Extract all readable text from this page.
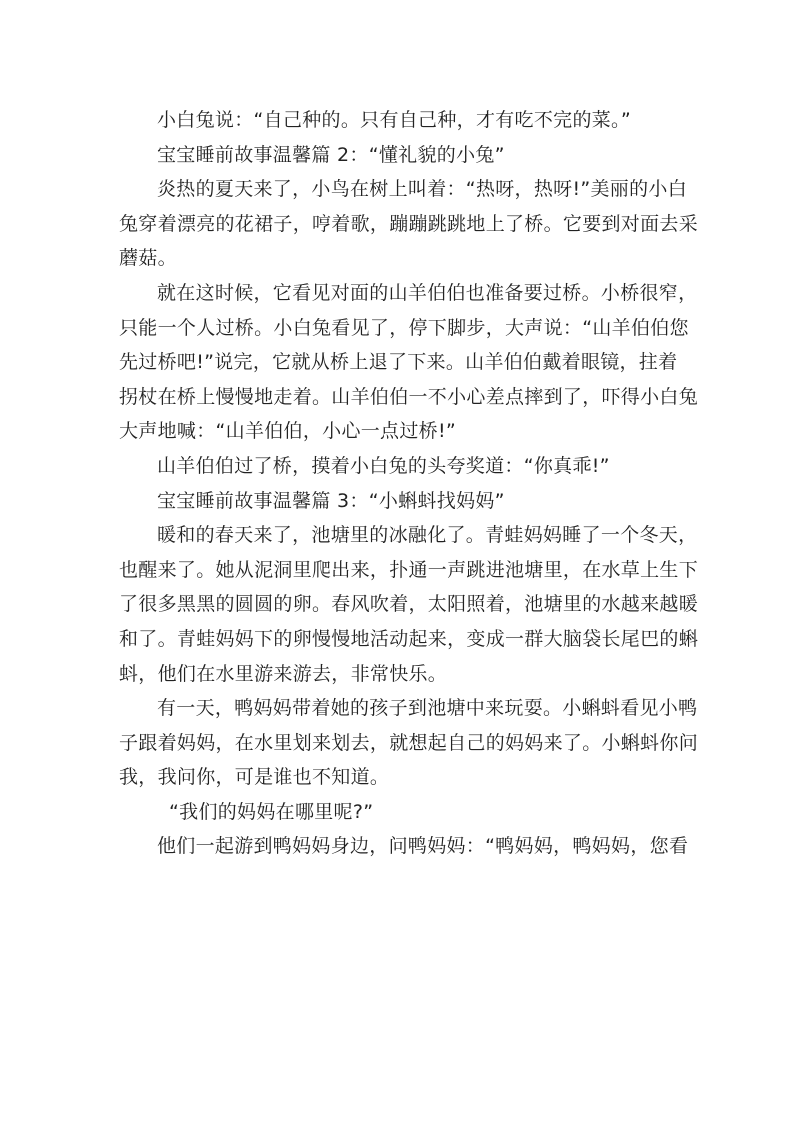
小白兔说：“自己种的。只有自己种，才有吃不完的菜。”
宝宝睡前故事温馨篇 2：“懂礼貌的小兔”
炎热的夏天来了，小鸟在树上叫着：“热呀，热呀!”美丽的小白
兔穿着漂亮的花裙子，哼着歌，蹦蹦跳跳地上了桥。它要到对面去采
蘑菇。
就在这时候，它看见对面的山羊伯伯也准备要过桥。小桥很窄，
只能一个人过桥。小白兔看见了，停下脚步，大声说：“山羊伯伯您
先过桥吧!”说完，它就从桥上退了下来。山羊伯伯戴着眼镜，拄着
拐杖在桥上慢慢地走着。山羊伯伯一不小心差点摔到了，吓得小白兔
大声地喊：“山羊伯伯，小心一点过桥!”
山羊伯伯过了桥，摸着小白兔的头夸奖道：“你真乖!”
宝宝睡前故事温馨篇 3：“小蝌蚪找妈妈”
暖和的春天来了，池塘里的冰融化了。青蛙妈妈睡了一个冬天，
也醒来了。她从泥洞里爬出来，扑通一声跳进池塘里，在水草上生下
了很多黑黑的圆圆的卵。春风吹着，太阳照着，池塘里的水越来越暖
和了。青蛙妈妈下的卵慢慢地活动起来，变成一群大脑袋长尾巴的蝌
蚪，他们在水里游来游去，非常快乐。
有一天，鸭妈妈带着她的孩子到池塘中来玩耍。小蝌蚪看见小鸭
子跟着妈妈，在水里划来划去，就想起自己的妈妈来了。小蝌蚪你问
我，我问你，可是谁也不知道。
“我们的妈妈在哪里呢?”
他们一起游到鸭妈妈身边，问鸭妈妈：“鸭妈妈，鸭妈妈，您看
